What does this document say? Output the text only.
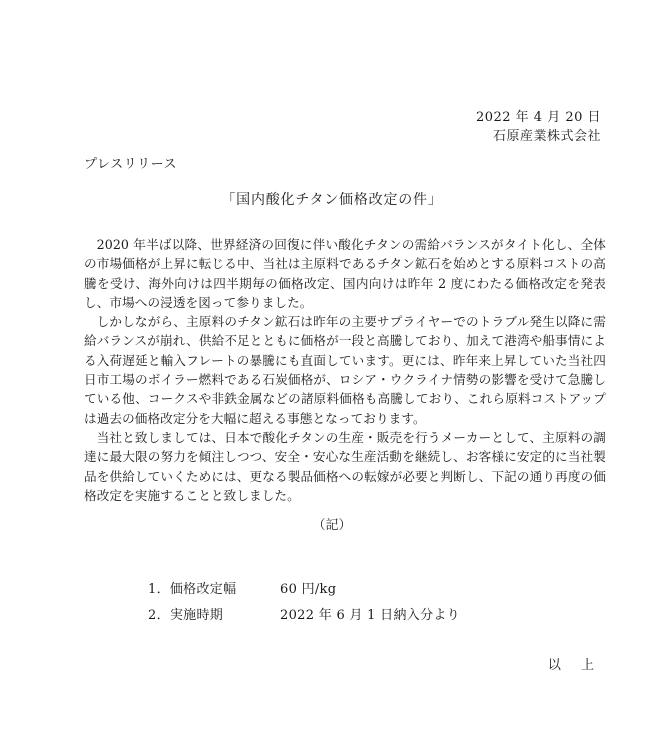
2022 年 4 月 20 日
石原産業株式会社
プレスリリース
「国内酸化チタン価格改定の件」

2020 年半ば以降、世界経済の回復に伴い酸化チタンの需給バランスがタイト化し、全体の市場価格が上昇に転じる中、当社は主原料であるチタン鉱石を始めとする原料コストの高騰を受け、海外向けは四半期毎の価格改定、国内向けは昨年 2 度にわたる価格改定を発表し、市場への浸透を図って参りました。

しかしながら、主原料のチタン鉱石は昨年の主要サプライヤーでのトラブル発生以降に需給バランスが崩れ、供給不足とともに価格が一段と高騰しており、加えて港湾や船事情による入荷遅延と輸入フレートの暴騰にも直面しています。更には、昨年来上昇していた当社四日市工場のボイラー燃料である石炭価格が、ロシア・ウクライナ情勢の影響を受けて急騰している他、コークスや非鉄金属などの諸原料価格も高騰しており、これら原料コストアップは過去の価格改定分を大幅に超える事態となっております。

当社と致しましては、日本で酸化チタンの生産・販売を行うメーカーとして、主原料の調達に最大限の努力を傾注しつつ、安全・安心な生産活動を継続し、お客様に安定的に当社製品を供給していくためには、更なる製品価格への転嫁が必要と判断し、下記の通り再度の価格改定を実施することと致しました。

（記）
1．価格改定幅	60 円/kg
2．実施時期	2022 年 6 月 1 日納入分より
以 上
